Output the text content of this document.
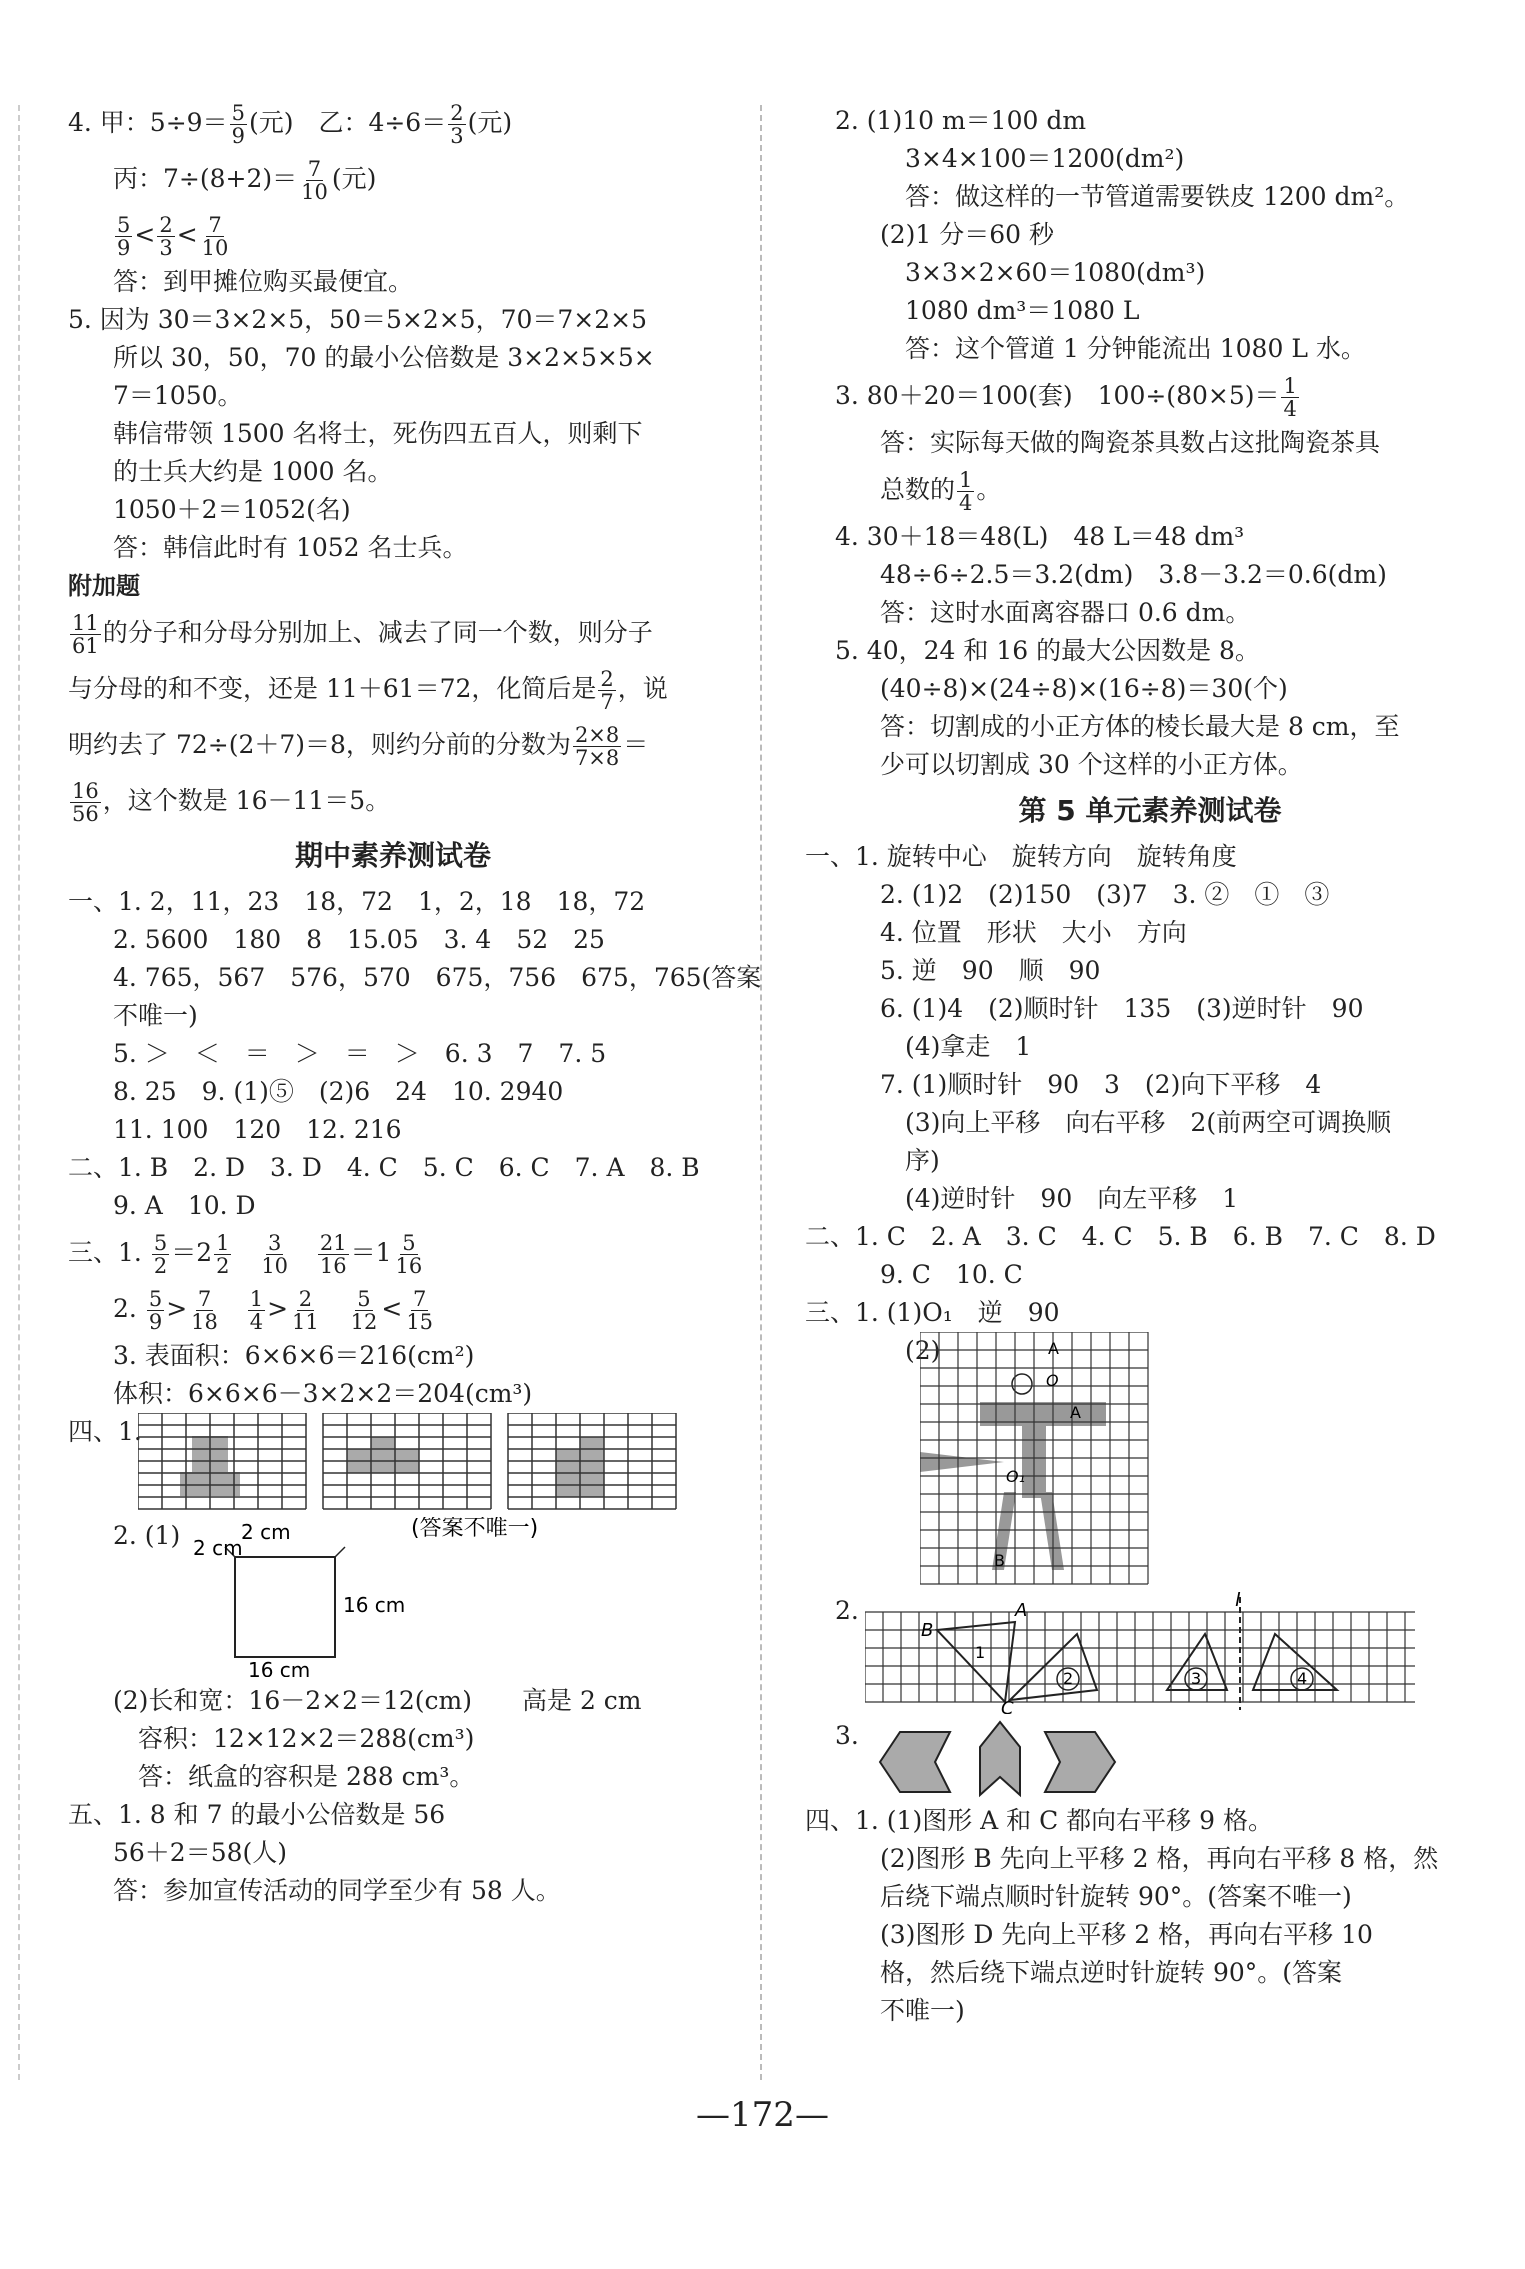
4. 甲：$5\div 9= \frac{5}{9}$ (元)　乙：$4\div 6= \frac{2}{3}$ (元)
丙：$7\div(8+2)= \frac{7}{10}$ (元)
$\frac{5}{9} < \frac{2}{3} < \frac{7}{10}$
答：到甲摊位购买最便宜。
5. 因为 30＝3×2×5，50＝5×2×5，70＝7×2×5
所以 30，50，70 的最小公倍数是 3×2×5×5×
7＝1050。
韩信带领 1500 名将士，死伤四五百人，则剩下
的士兵大约是 1000 名。
1050＋2＝1052(名)
答：韩信此时有 1052 名士兵。
附加题
$\frac{11}{61}$ 的分子和分母分别加上、减去了同一个数，则分子
与分母的和不变，还是 11＋61＝72，化简后是 $\frac{2}{7}$ ，说
明约去了 72÷(2＋7)＝8，则约分前的分数为 $\frac{2\times 8}{7\times 8}$ ＝
$\frac{16}{56}$ ，这个数是 16－11＝5。
期中素养测试卷
一、1. 2，11，23　18，72　1，2，18　18，72
2. 5600　180　8　15.05　3. 4　52　25
4. 765，567　576，570　675，756　675，765(答案
不唯一)
5. ＞　＜　＝　＞　＝　＞　6. 3　7　7. 5
8. 25　9. (1)⑤　(2)6　24　10. 2940
11. 100　120　12. 216
二、1. B　2. D　3. D　4. C　5. C　6. C　7. A　8. B
9. A　10. D
三、1. $\frac{5}{2} =2 \frac{1}{2}$
$\frac{3}{10}$
$\frac{21}{16} =1 \frac{5}{16}$
2. $\frac{5}{9} > \frac{7}{18}$
$\frac{1}{4} > \frac{2}{11}$
$\frac{5}{12} < \frac{7}{15}$
3. 表面积：6×6×6＝216(cm²)
体积：6×6×6－3×2×2＝204(cm³)
四、1.
2. (1)	2 cm
2 cm
16 cm
16 cm
(答案不唯一)
(2)长和宽：16－2×2＝12(cm)　　高是 2 cm
容积：12×12×2＝288(cm³)
答：纸盒的容积是 288 cm³。
五、1. 8 和 7 的最小公倍数是 56
56＋2＝58(人)
答：参加宣传活动的同学至少有 58 人。
2. (1)10 m＝100 dm
3×4×100＝1200(dm²)
答：做这样的一节管道需要铁皮 1200 dm²。
(2)1 分＝60 秒
3×3×2×60＝1080(dm³)
1080 dm³＝1080 L
答：这个管道 1 分钟能流出 1080 L 水。
3. 80＋20＝100(套)　$100\div(80\times 5)= \frac{1}{4}$
答：实际每天做的陶瓷茶具数占这批陶瓷茶具
总数的 $\frac{1}{4}$ 。
4. 30＋18＝48(L)　48 L＝48 dm³
48÷6÷2.5＝3.2(dm)　3.8－3.2＝0.6(dm)
答：这时水面离容器口 0.6 dm。
5. 40，24 和 16 的最大公因数是 8。
(40÷8)×(24÷8)×(16÷8)＝30(个)
答：切割成的小正方体的棱长最大是 8 cm，至
少可以切割成 30 个这样的小正方体。
第 5 单元素养测试卷
一、1. 旋转中心　旋转方向　旋转角度
2. (1)2　(2)150　(3)7　3. ②　①　③
4. 位置　形状　大小　方向
5. 逆　90　顺　90
6. (1)4　(2)顺时针　135　(3)逆时针　90
(4)拿走　1
7. (1)顺时针　90　3　(2)向下平移　4
(3)向上平移　向右平移　2(前两空可调换顺
序)
(4)逆时针　90　向左平移　1
二、1. C　2. A　3. C　4. C　5. B　6. B　7. C　8. D
9. C　10. C
三、1. (1)O₁　逆　90
(2)	A
O
A
O₁
B
2.	l
A
B
C
1
2	3	4
3.
四、1. (1)图形 A 和 C 都向右平移 9 格。
(2)图形 B 先向上平移 2 格，再向右平移 8 格，然
后绕下端点顺时针旋转 90°。(答案不唯一)
(3)图形 D 先向上平移 2 格，再向右平移 10
格，然后绕下端点逆时针旋转 90°。(答案
不唯一)
—172—
